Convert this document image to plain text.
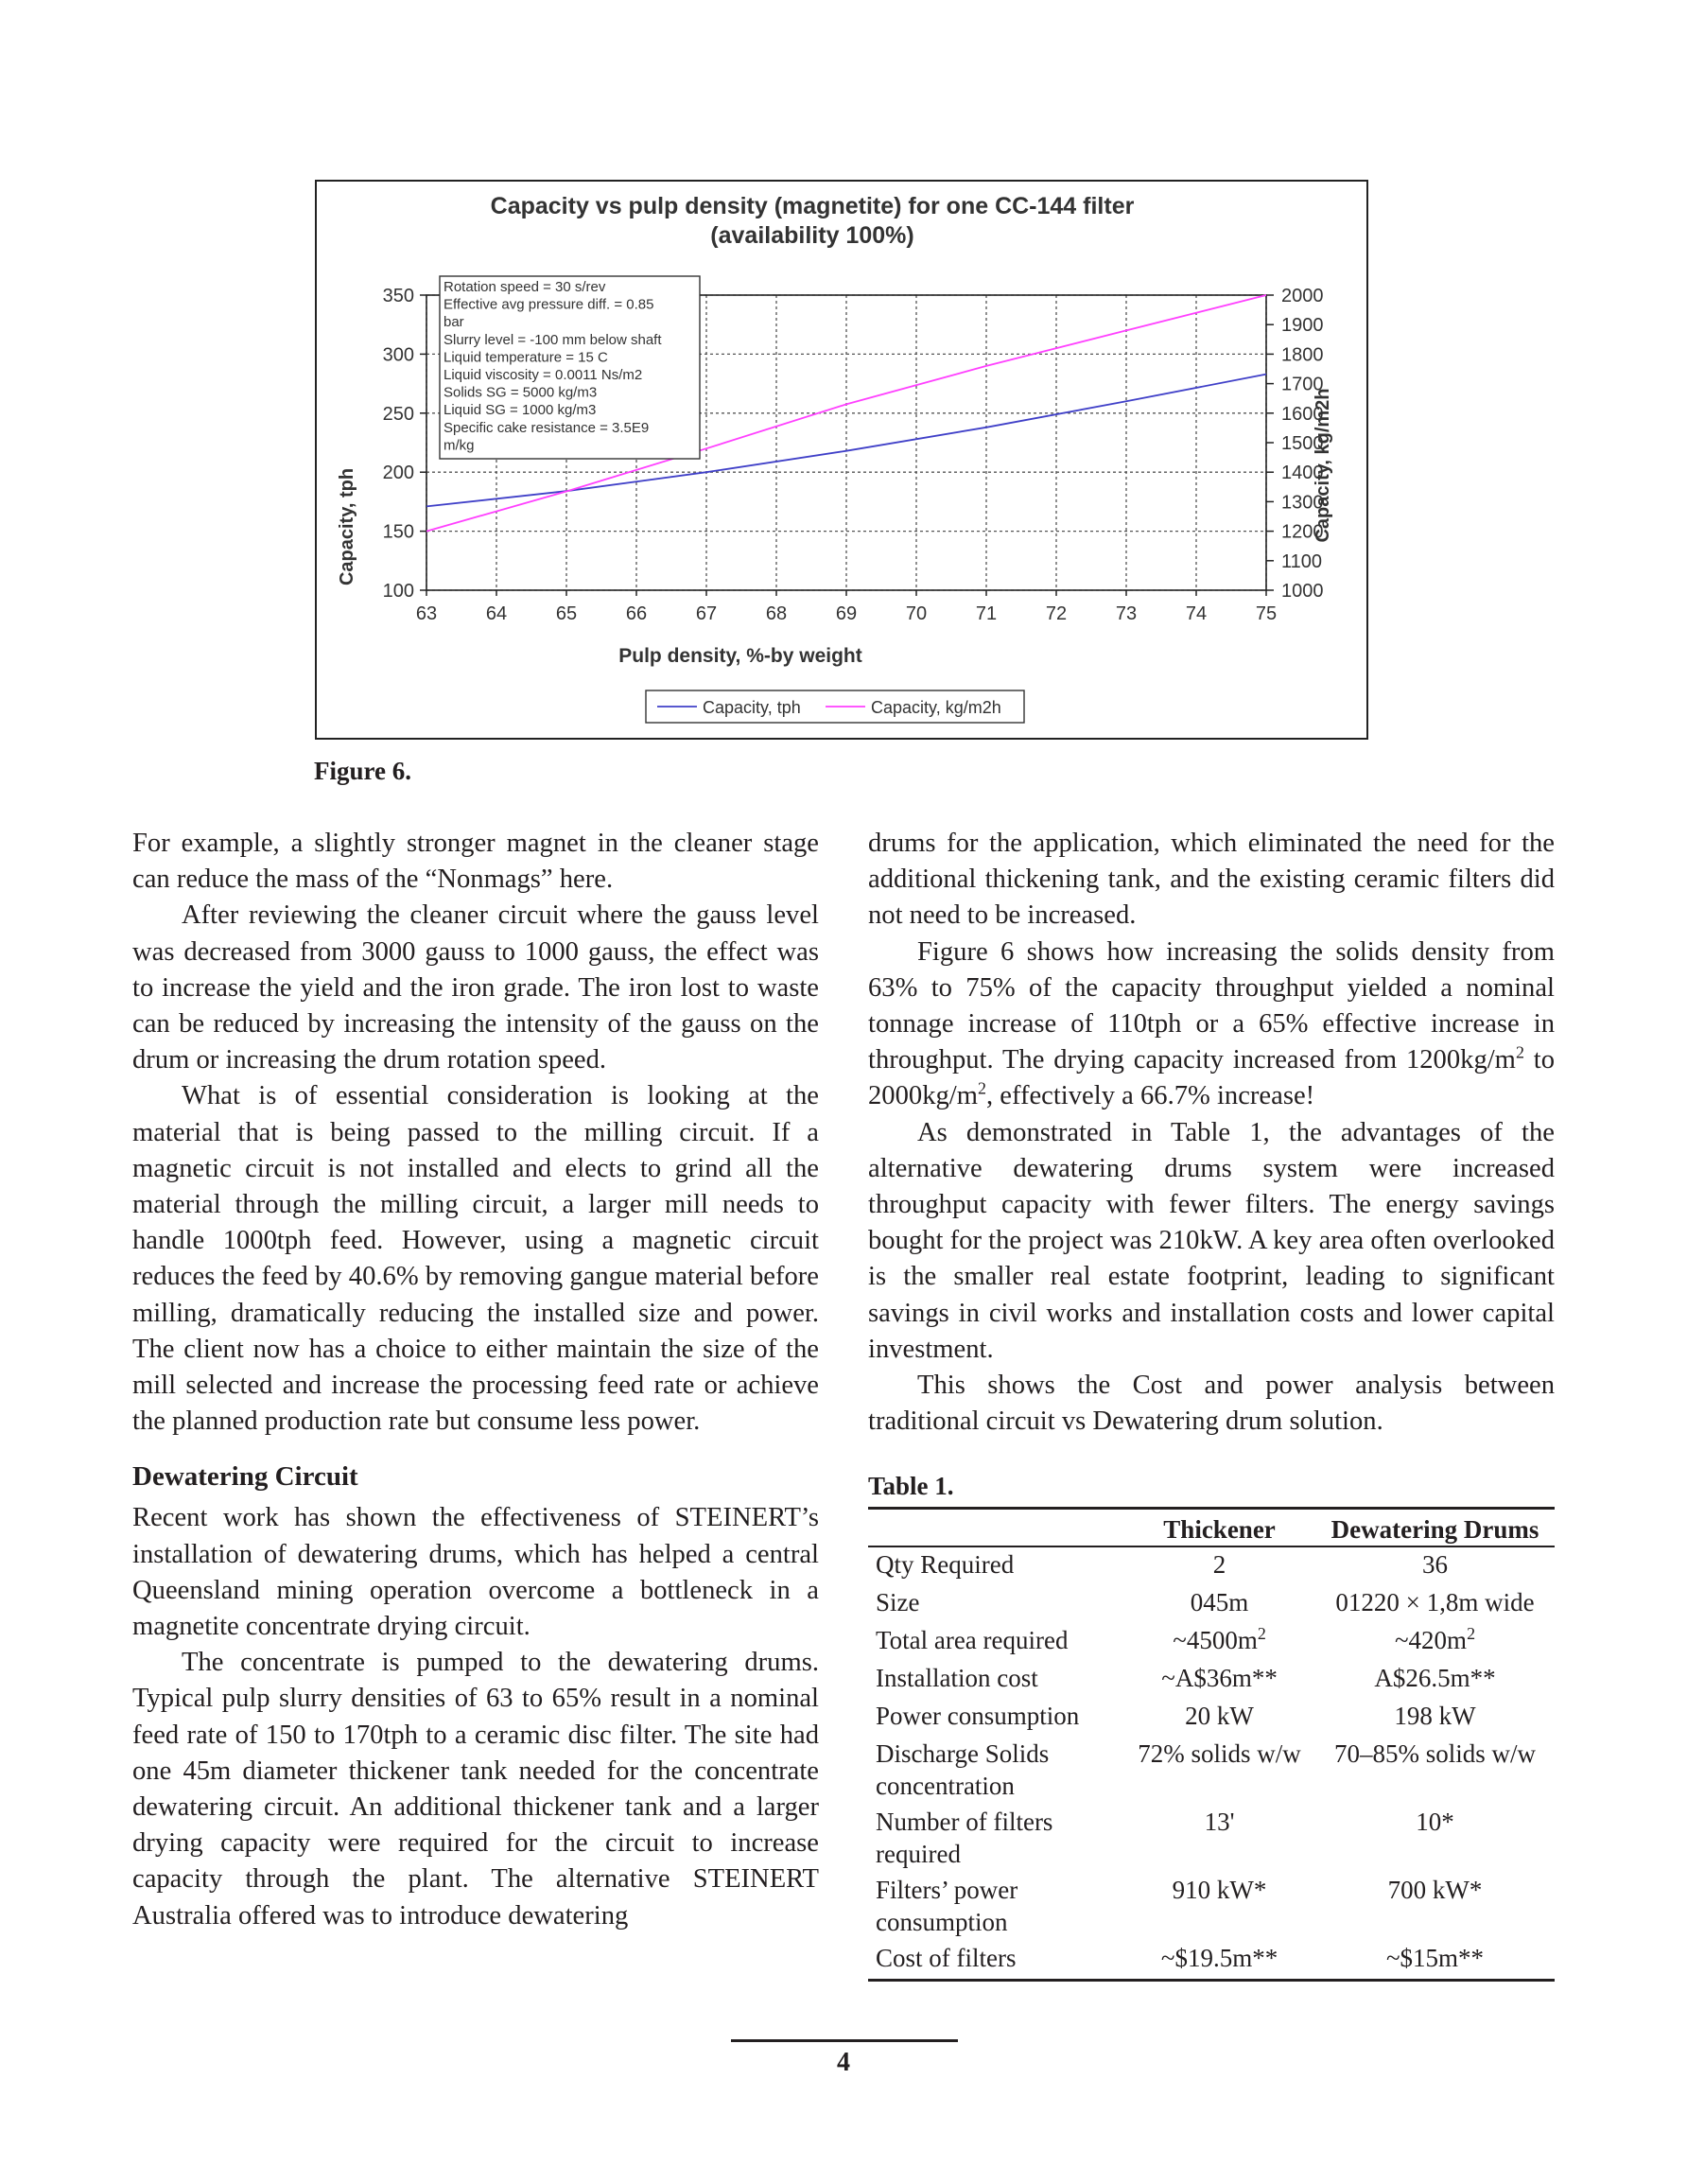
100
150
200
250
300
350
1000
1100
1200
1300
1400
1500
1600
1700
1800
1900
2000
63	64	65	66	67	68	69	70	71	72	73	74	75
Rotation speed = 30 s/rev
Effective avg pressure diff. = 0.85
bar
Slurry level = -100 mm below shaft
Liquid temperature = 15 C
Liquid viscosity = 0.0011 Ns/m2
Solids SG = 5000 kg/m3
Liquid SG = 1000 kg/m3
Specific cake resistance = 3.5E9
m/kg
Capacity, tph	Capacity, kg/m2h
Capacity vs pulp density (magnetite) for one CC-144 filter
(availability 100%)
Pulp density, %-by weight
Capacity, tph	Capacity, kg/m2h
Figure 6.

For example, a slightly stronger magnet in the cleaner stage can reduce the mass of the “Nonmags” here.

After reviewing the cleaner circuit where the gauss level was decreased from 3000 gauss to 1000 gauss, the effect was to increase the yield and the iron grade. The iron lost to waste can be reduced by increasing the intensity of the gauss on the drum or increasing the drum rotation speed.

What is of essential consideration is looking at the material that is being passed to the milling circuit. If a magnetic circuit is not installed and elects to grind all the material through the milling circuit, a larger mill needs to handle 1000tph feed. However, using a magnetic circuit reduces the feed by 40.6% by removing gangue material before milling, dramatically reducing the installed size and power. The client now has a choice to either maintain the size of the mill selected and increase the processing feed rate or achieve the planned production rate but consume less power.

Dewatering Circuit

Recent work has shown the effectiveness of STEINERT’s installation of dewatering drums, which has helped a central Queensland mining operation overcome a bottleneck in a magnetite concentrate drying circuit.

The concentrate is pumped to the dewatering drums. Typical pulp slurry densities of 63 to 65% result in a nominal feed rate of 150 to 170tph to a ceramic disc filter. The site had one 45m diameter thickener tank needed for the concentrate dewatering circuit. An additional thickener tank and a larger drying capacity were required for the circuit to increase capacity through the plant. The alternative STEINERT Australia offered was to introduce dewatering

drums for the application, which eliminated the need for the additional thickening tank, and the existing ceramic filters did not need to be increased.

Figure 6 shows how increasing the solids density from 63% to 75% of the capacity throughput yielded a nominal tonnage increase of 110tph or a 65% effective increase in throughput. The drying capacity increased from $1200kg/m^2$ to $2000kg/m^2$, effectively a 66.7% increase!

As demonstrated in Table 1, the advantages of the alternative dewatering drums system were increased throughput capacity with fewer filters. The energy savings bought for the project was 210kW. A key area often overlooked is the smaller real estate footprint, leading to significant savings in civil works and installation costs and lower capital investment.

This shows the Cost and power analysis between traditional circuit vs Dewatering drum solution.

Table 1.
	Thickener	Dewatering Drums
Qty Required	2	36
Size	045m	01220 × 1,8m wide
Total area required	$\sim 4500m^2$	$\sim 420m^2$
Installation cost	~A$36m**	A$26.5m**
Power consumption	20 kW	198 kW
Discharge Solids concentration	72% solids w/w	70–85% solids w/w
Number of filters required	13'	10*
Filters’ power consumption	910 kW*	700 kW*
Cost of filters	~$19.5m**	~$15m**
4
